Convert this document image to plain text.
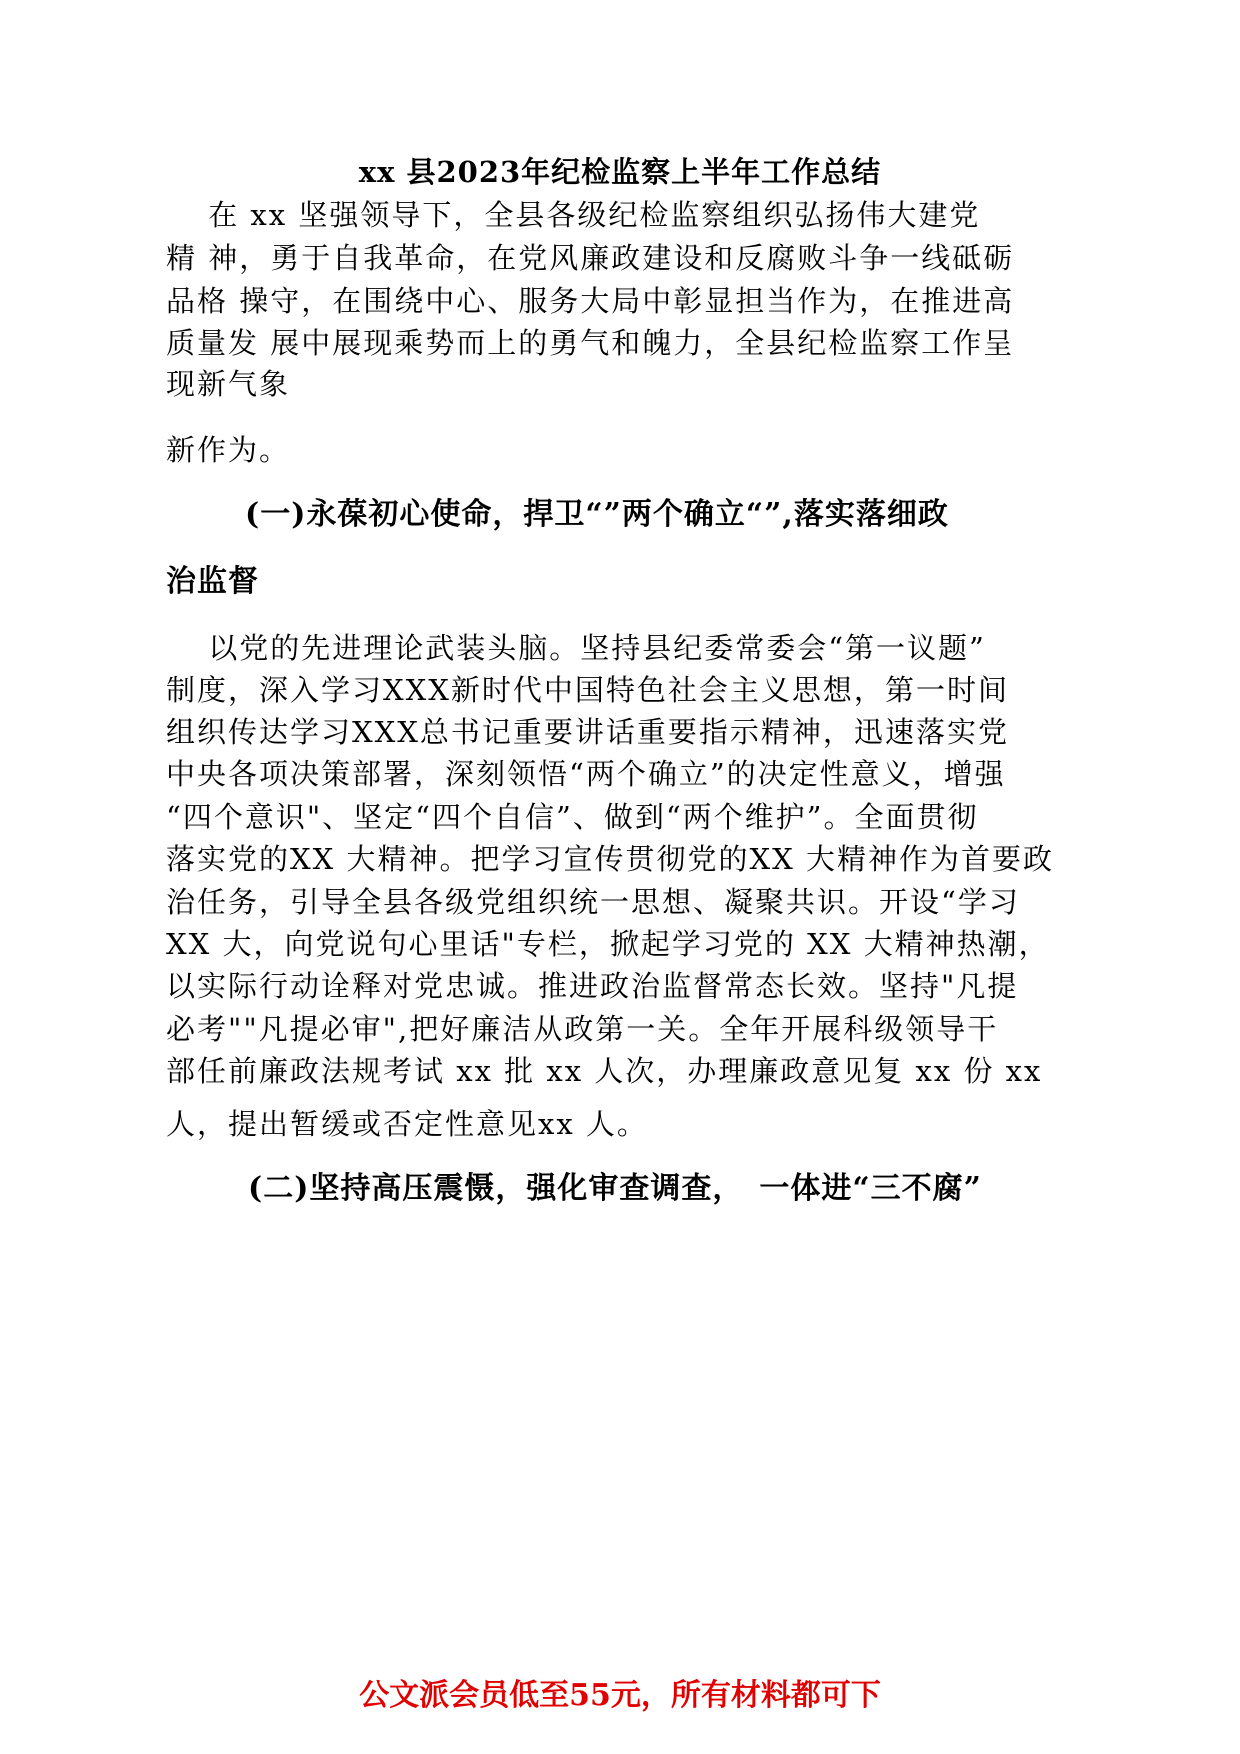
xx 县2023年纪检监察上半年工作总结
　 在 xx 坚强领导下，全县各级纪检监察组织弘扬伟大建党
精 神，勇于自我革命，在党风廉政建设和反腐败斗争一线砥砺
品格 操守，在围绕中心、服务大局中彰显担当作为，在推进高
质量发 展中展现乘势而上的勇气和魄力，全县纪检监察工作呈
现新气象
新作为。
(一)永葆初心使命，捍卫“”两个确立“”,落实落细政
治监督
　 以党的先进理论武装头脑。坚持县纪委常委会“第一议题”
制度，深入学习XXX新时代中国特色社会主义思想，第一时间
组织传达学习XXX总书记重要讲话重要指示精神，迅速落实党
中央各项决策部署，深刻领悟“两个确立”的决定性意义，增强
“四个意识"、坚定“四个自信”、做到“两个维护”。全面贯彻
落实党的XX 大精神。把学习宣传贯彻党的XX 大精神作为首要政
治任务，引导全县各级党组织统一思想、凝聚共识。开设“学习
XX 大，向党说句心里话"专栏，掀起学习党的 XX 大精神热潮，
以实际行动诠释对党忠诚。推进政治监督常态长效。坚持"凡提
必考""凡提必审",把好廉洁从政第一关。全年开展科级领导干
部任前廉政法规考试 xx 批 xx 人次，办理廉政意见复 xx 份 xx
人，提出暂缓或否定性意见xx 人。
(二)坚持高压震慑，强化审查调查，　一体进“三不腐”
公文派会员低至55元，所有材料都可下
